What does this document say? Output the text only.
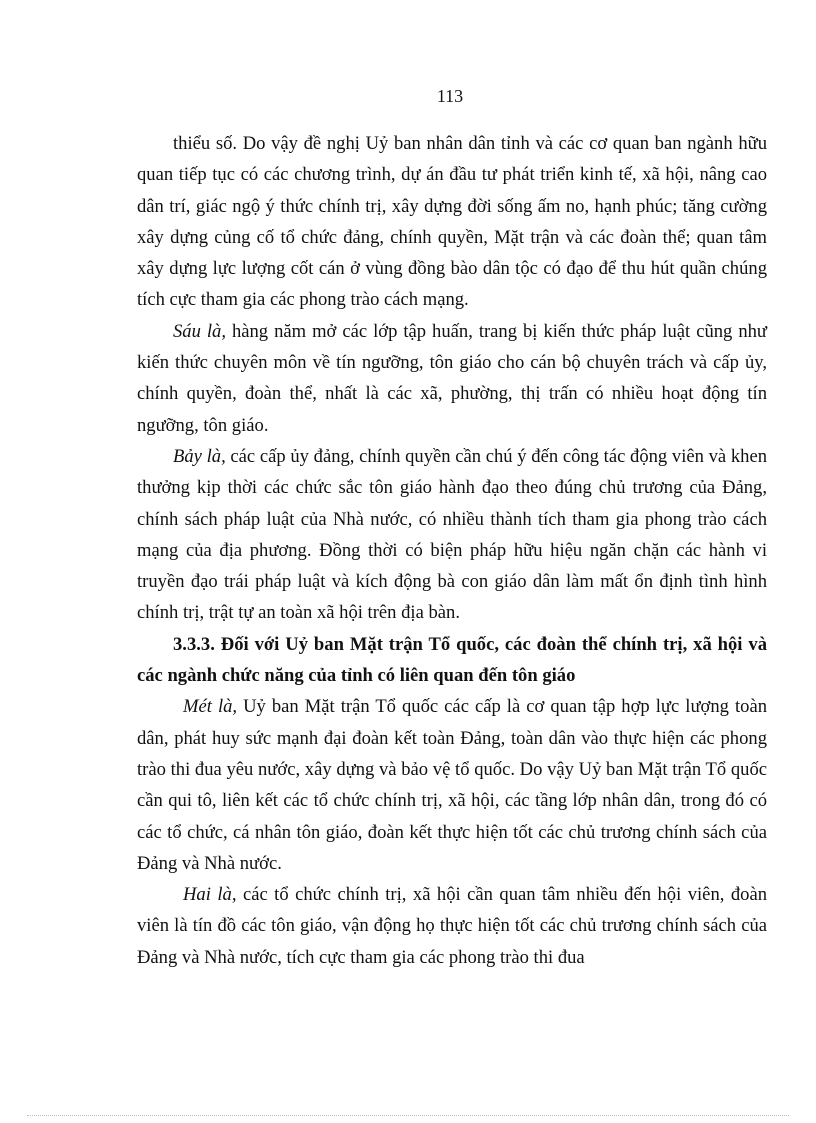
113

thiểu số. Do vậy đề nghị Uỷ ban nhân dân tỉnh và các cơ quan ban ngành hữu quan tiếp tục có các chương trình, dự án đầu tư phát triển kinh tế, xã hội, nâng cao dân trí, giác ngộ ý thức chính trị, xây dựng đời sống ấm no, hạnh phúc; tăng cường xây dựng củng cố tổ chức đảng, chính quyền, Mặt trận và các đoàn thể; quan tâm xây dựng lực lượng cốt cán ở vùng đồng bào dân tộc có đạo để thu hút quần chúng tích cực tham gia các phong trào cách mạng.

Sáu là, hàng năm mở các lớp tập huấn, trang bị kiến thức pháp luật cũng như kiến thức chuyên môn về tín ngưỡng, tôn giáo cho cán bộ chuyên trách và cấp ủy, chính quyền, đoàn thể, nhất là các xã, phường, thị trấn có nhiều hoạt động tín ngưỡng, tôn giáo.

Bảy là, các cấp ủy đảng, chính quyền cần chú ý đến công tác động viên và khen thưởng kịp thời các chức sắc tôn giáo hành đạo theo đúng chủ trương của Đảng, chính sách pháp luật của Nhà nước, có nhiều thành tích tham gia phong trào cách mạng của địa phương. Đồng thời có biện pháp hữu hiệu ngăn chặn các hành vi truyền đạo trái pháp luật và kích động bà con giáo dân làm mất ổn định tình hình chính trị, trật tự an toàn xã hội trên địa bàn.

3.3.3. Đối với Uỷ ban Mặt trận Tổ quốc, các đoàn thể chính trị, xã hội và các ngành chức năng của tỉnh có liên quan đến tôn giáo

Mét là, Uỷ ban Mặt trận Tổ quốc các cấp là cơ quan tập hợp lực lượng toàn dân, phát huy sức mạnh đại đoàn kết toàn Đảng, toàn dân vào thực hiện các phong trào thi đua yêu nước, xây dựng và bảo vệ tổ quốc. Do vậy Uỷ ban Mặt trận Tổ quốc cần qui tô, liên kết các tổ chức chính trị, xã hội, các tầng lớp nhân dân, trong đó có các tổ chức, cá nhân tôn giáo, đoàn kết thực hiện tốt các chủ trương chính sách của Đảng và Nhà nước.

Hai là, các tổ chức chính trị, xã hội cần quan tâm nhiều đến hội viên, đoàn viên là tín đồ các tôn giáo, vận động họ thực hiện tốt các chủ trương chính sách của Đảng và Nhà nước, tích cực tham gia các phong trào thi đua
